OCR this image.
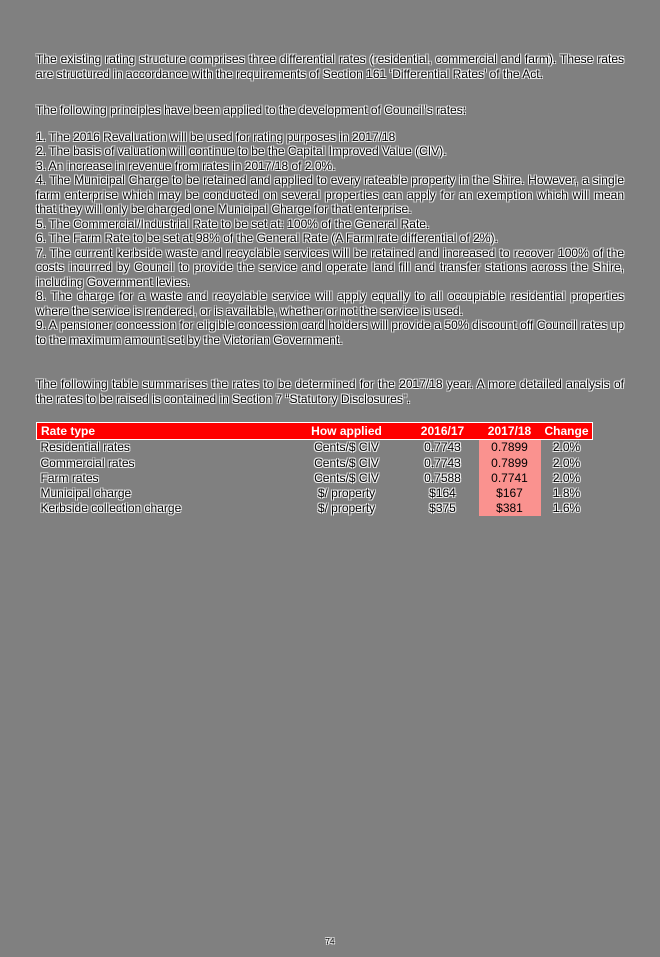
The existing rating structure comprises three differential rates (residential, commercial and farm). These rates are structured in accordance with the requirements of Section 161 ‘Differential Rates’ of the Act.

The following principles have been applied to the development of Council’s rates:

1. The 2016 Revaluation will be used for rating purposes in 2017/18

2. The basis of valuation will continue to be the Capital Improved Value (CIV).

3. An increase in revenue from rates in 2017/18 of 2.0%.

4. The Municipal Charge to be retained and applied to every rateable property in the Shire. However, a single farm enterprise which may be conducted on several properties can apply for an exemption which will mean that they will only be charged one Municipal Charge for that enterprise.

5. The Commercial/Industrial Rate to be set at: 100% of the General Rate.

6. The Farm Rate to be set at 98% of the General Rate (A Farm rate differential of 2%).

7. The current kerbside waste and recyclable services will be retained and increased to recover 100% of the costs incurred by Council to provide the service and operate land fill and transfer stations across the Shire, including Government levies.

8. The charge for a waste and recyclable service will apply equally to all occupiable residential properties where the service is rendered, or is available, whether or not the service is used.

9. A pensioner concession for eligible concession card holders will provide a 50% discount off Council rates up to the maximum amount set by the Victorian Government.

The following table summarises the rates to be determined for the 2017/18 year. A more detailed analysis of the rates to be raised is contained in Section 7 “Statutory Disclosures”.

Rate type	How applied	2016/17	2017/18	Change
Residential rates	Cents/$ CIV	0.7743	0.7899	2.0%
Commercial rates	Cents/$ CIV	0.7743	0.7899	2.0%
Farm rates	Cents/$ CIV	0.7588	0.7741	2.0%
Municipal charge	$/ property	$164	$167	1.8%
Kerbside collection charge	$/ property	$375	$381	1.6%
74
